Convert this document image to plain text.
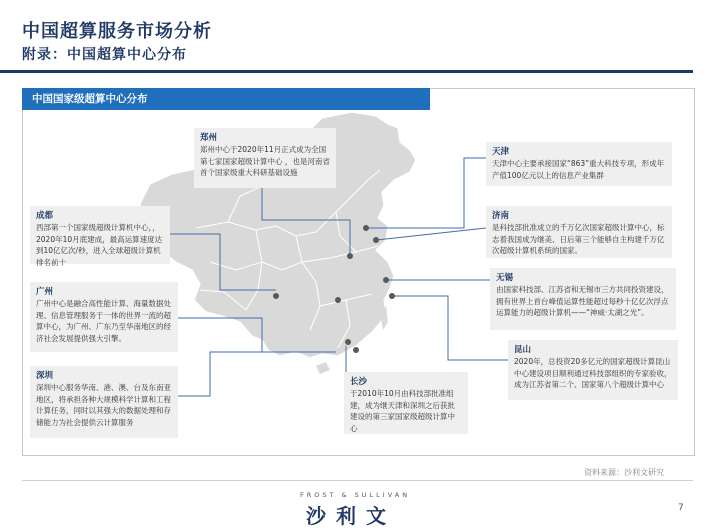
中国超算服务市场分析
附录：中国超算中心分布
中国国家级超算中心分布
郑州
郑州中心于2020年11月正式成为全国第七家国家超级计算中心 ，也是河南省首个国家级重大科研基础设施
成都
西部第一个国家级超级计算机中心，，2020年10月底建成，最高运算速度达到10亿亿次/秒，进入全球超级计算机排名前十
广州
广州中心是融合高性能计算、海量数据处理、信息管理服务于一体的世界一流的超算中心，为广州、广东乃至华南地区的经济社会发展提供强大引擎。
深圳
深圳中心服务华南、港、澳、台及东南亚地区，将承担各种大规模科学计算和工程计算任务，同时以其强大的数据处理和存储能力为社会提供云计算服务
长沙
于2010年10月由科技部批准组建，成为继天津和深圳之后获批建设的第三家国家级超级计算中心
天津
天津中心主要承接国家“863”重大科技专项，形成年产值100亿元以上的信息产业集群
济南
是科技部批准成立的千万亿次国家超级计算中心，标志着我国成为继美、日后第三个能够自主构建千万亿次超级计算机系统的国家。
无锡
由国家科技部、江苏省和无锡市三方共同投资建设，拥有世界上首台峰值运算性能超过每秒十亿亿次浮点运算能力的超级计算机——“神威·太湖之光”。
昆山
2020年，总投资20多亿元的国家超级计算昆山中心建设项目顺利通过科技部组织的专家验收，成为江苏省第二个、国家第八个超级计算中心
资料来源：沙利文研究
FROST & SULLIVAN
沙利文	7
